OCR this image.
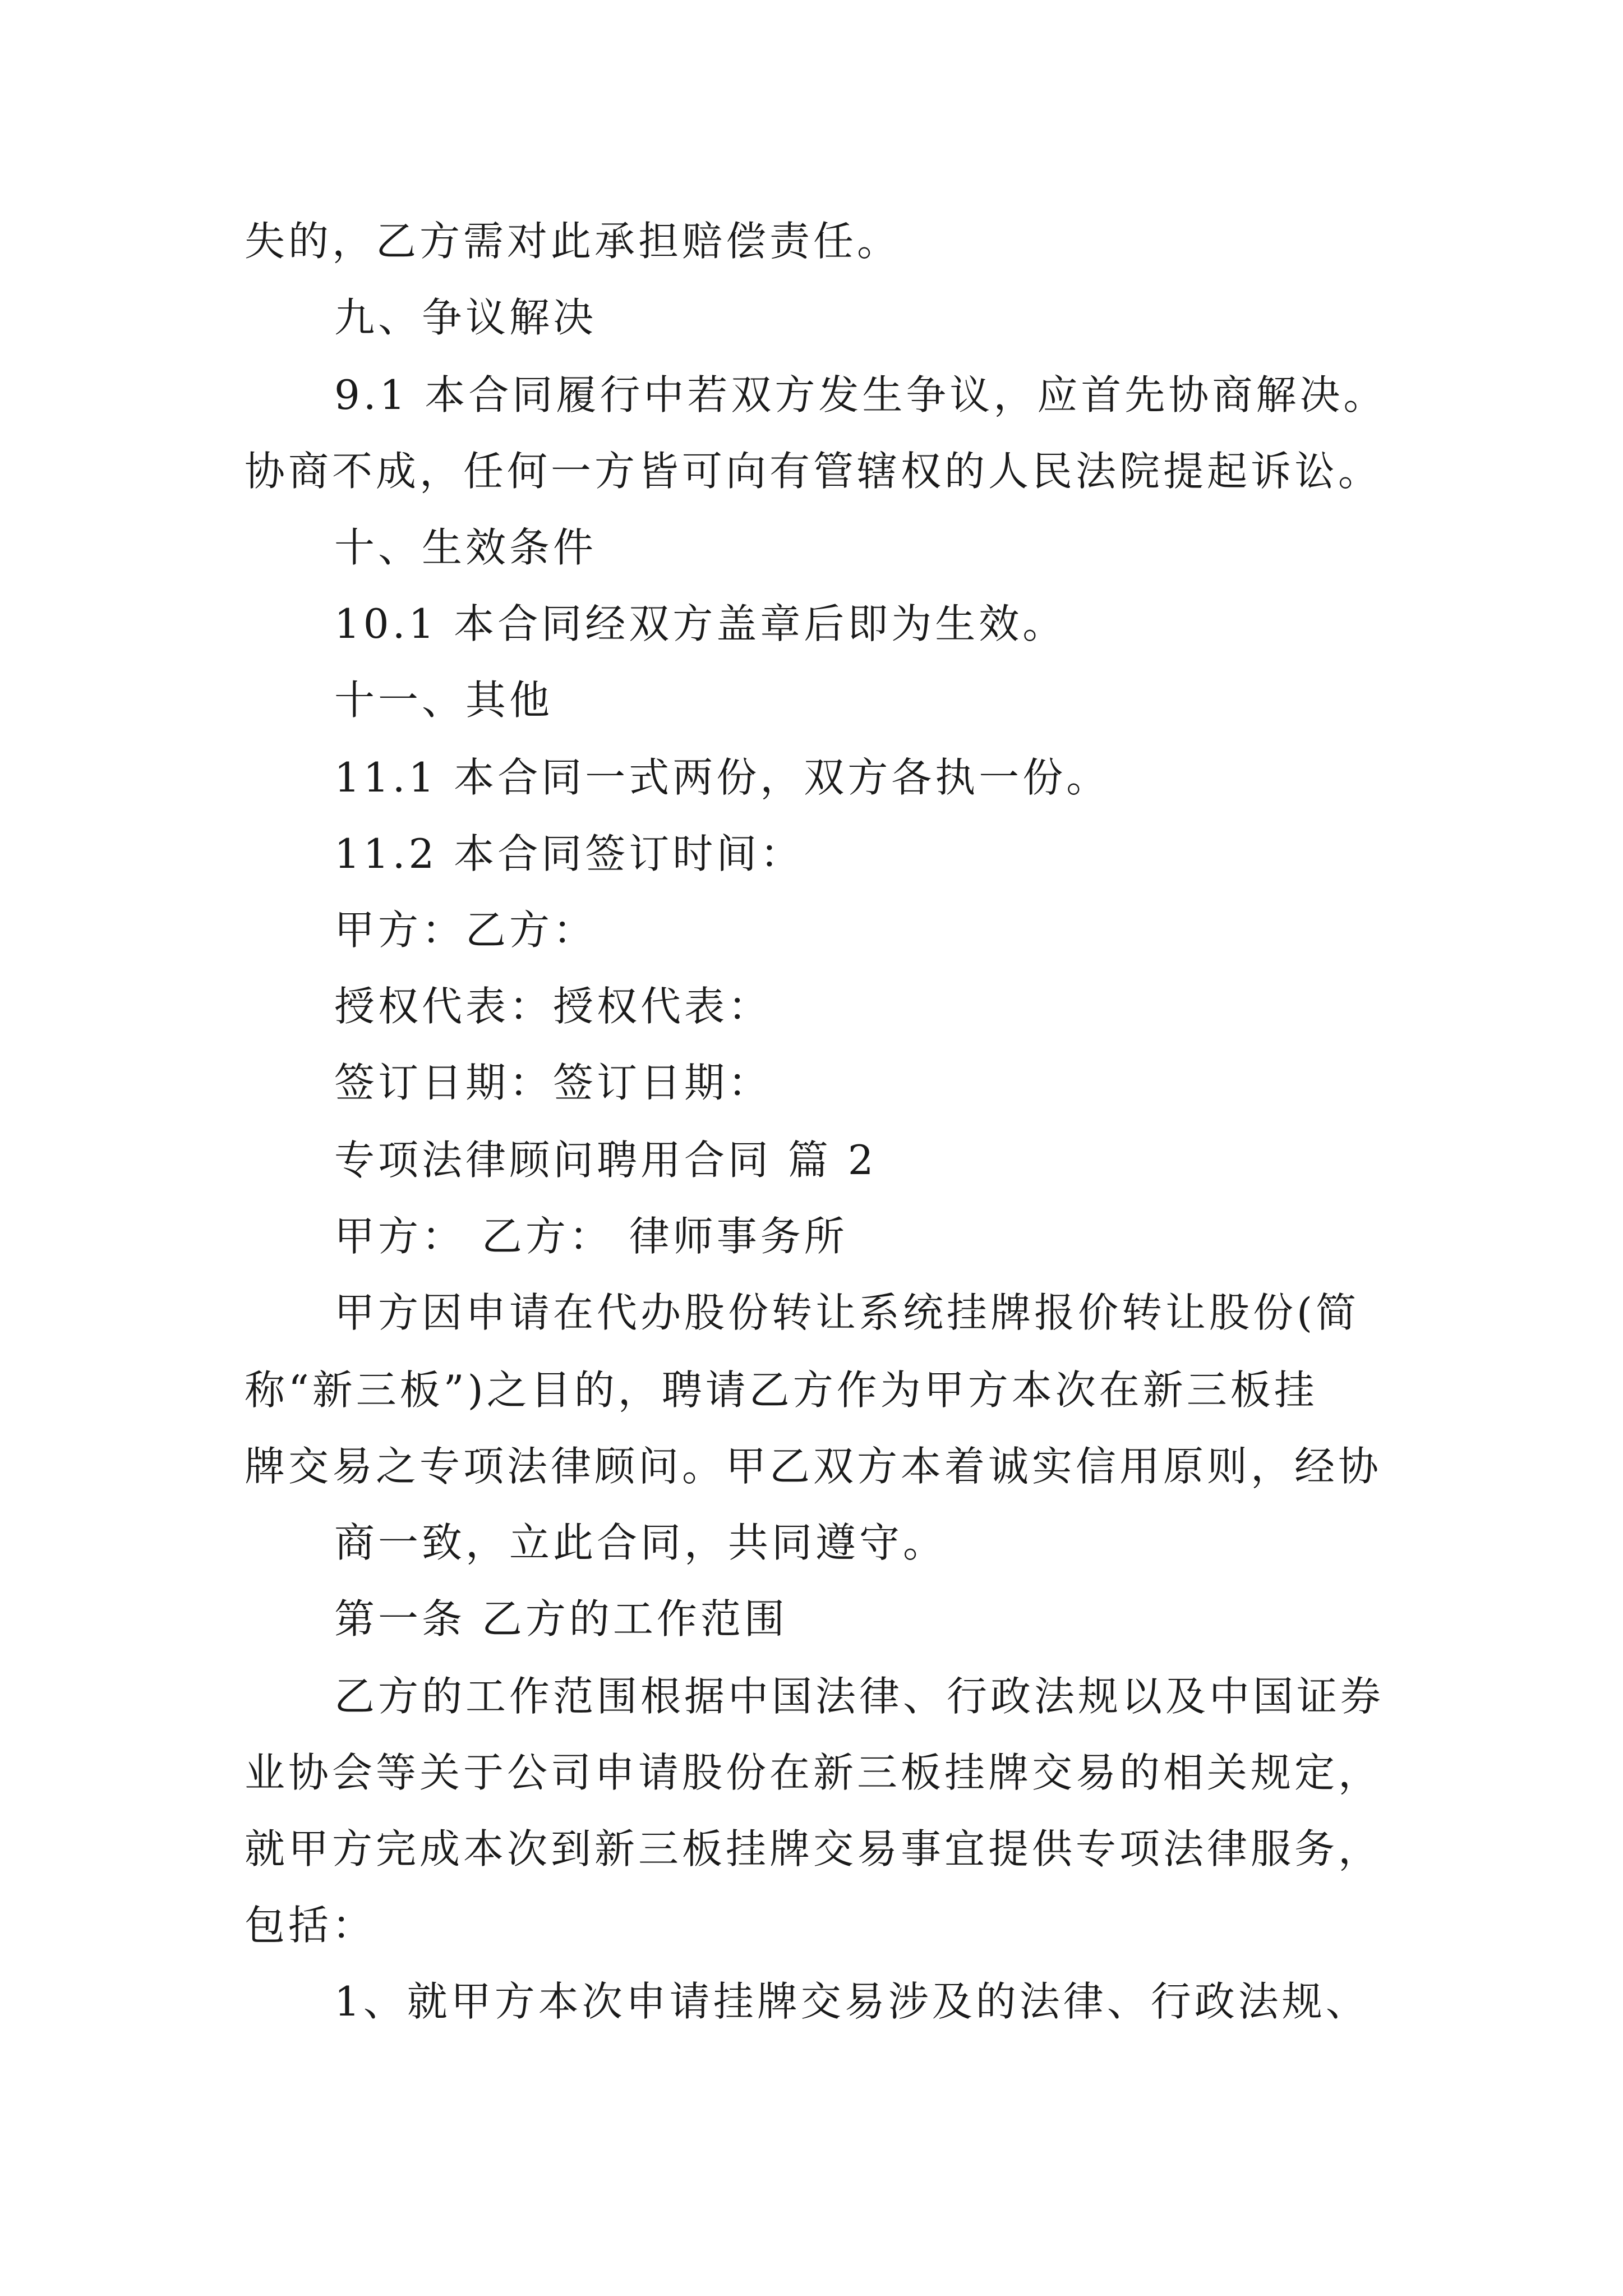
失的，乙方需对此承担赔偿责任。
九、争议解决
9.1 本合同履行中若双方发生争议，应首先协商解决。
协商不成，任何一方皆可向有管辖权的人民法院提起诉讼。
十、生效条件
10.1 本合同经双方盖章后即为生效。
十一、其他
11.1 本合同一式两份，双方各执一份。
11.2 本合同签订时间：
甲方：乙方：
授权代表：授权代表：
签订日期：签订日期：
专项法律顾问聘用合同 篇 2
甲方： 乙方： 律师事务所
甲方因申请在代办股份转让系统挂牌报价转让股份(简
称“新三板”)之目的，聘请乙方作为甲方本次在新三板挂
牌交易之专项法律顾问。甲乙双方本着诚实信用原则，经协
商一致，立此合同，共同遵守。
第一条 乙方的工作范围
乙方的工作范围根据中国法律、行政法规以及中国证券
业协会等关于公司申请股份在新三板挂牌交易的相关规定，
就甲方完成本次到新三板挂牌交易事宜提供专项法律服务，
包括：
1、就甲方本次申请挂牌交易涉及的法律、行政法规、
